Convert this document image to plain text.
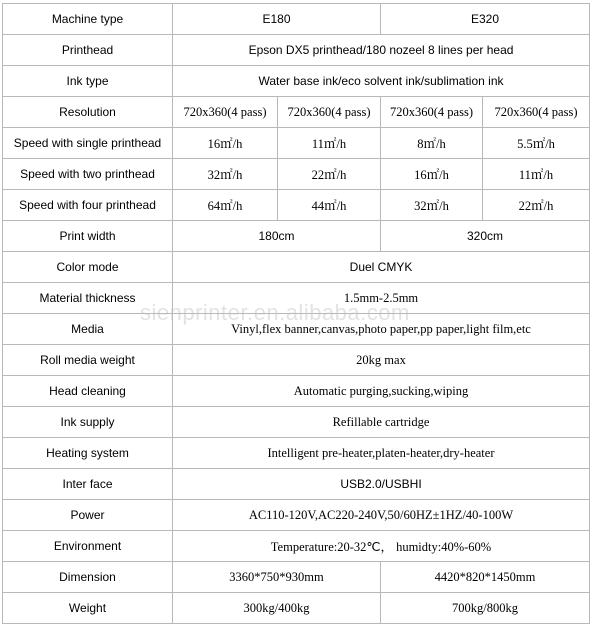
Machine type	E180		E320	
Printhead	Epson DX5 printhead/180 nozeel 8 lines per head			
Ink type	Water base ink/eco solvent ink/sublimation ink			
Resolution	720x360(4 pass)	720x360(4 pass)	720x360(4 pass)	720x360(4 pass)
Speed with single printhead	16㎡/h	11㎡/h	8㎡/h	5.5㎡/h
Speed with two printhead	32㎡/h	22㎡/h	16㎡/h	11㎡/h
Speed with four printhead	64㎡/h	44㎡/h	32㎡/h	22㎡/h
Print width	180cm		320cm	
Color mode	Duel CMYK			
Material thickness	1.5mm-2.5mm			
Media	Vinyl,flex banner,canvas,photo paper,pp paper,light film,etc			
Roll media weight	20kg max			
Head cleaning	Automatic purging,sucking,wiping			
Ink supply	Refillable cartridge			
Heating system	Intelligent pre-heater,platen-heater,dry-heater			
Inter face	USB2.0/USBHI			
Power	AC110-120V,AC220-240V,50/60HZ±1HZ/40-100W			
Environment	Temperature:20-32℃， humidty:40%-60%			
Dimension	3360*750*930mm		4420*820*1450mm	
Weight	300kg/400kg		700kg/800kg	
sienprinter.en.alibaba.com
